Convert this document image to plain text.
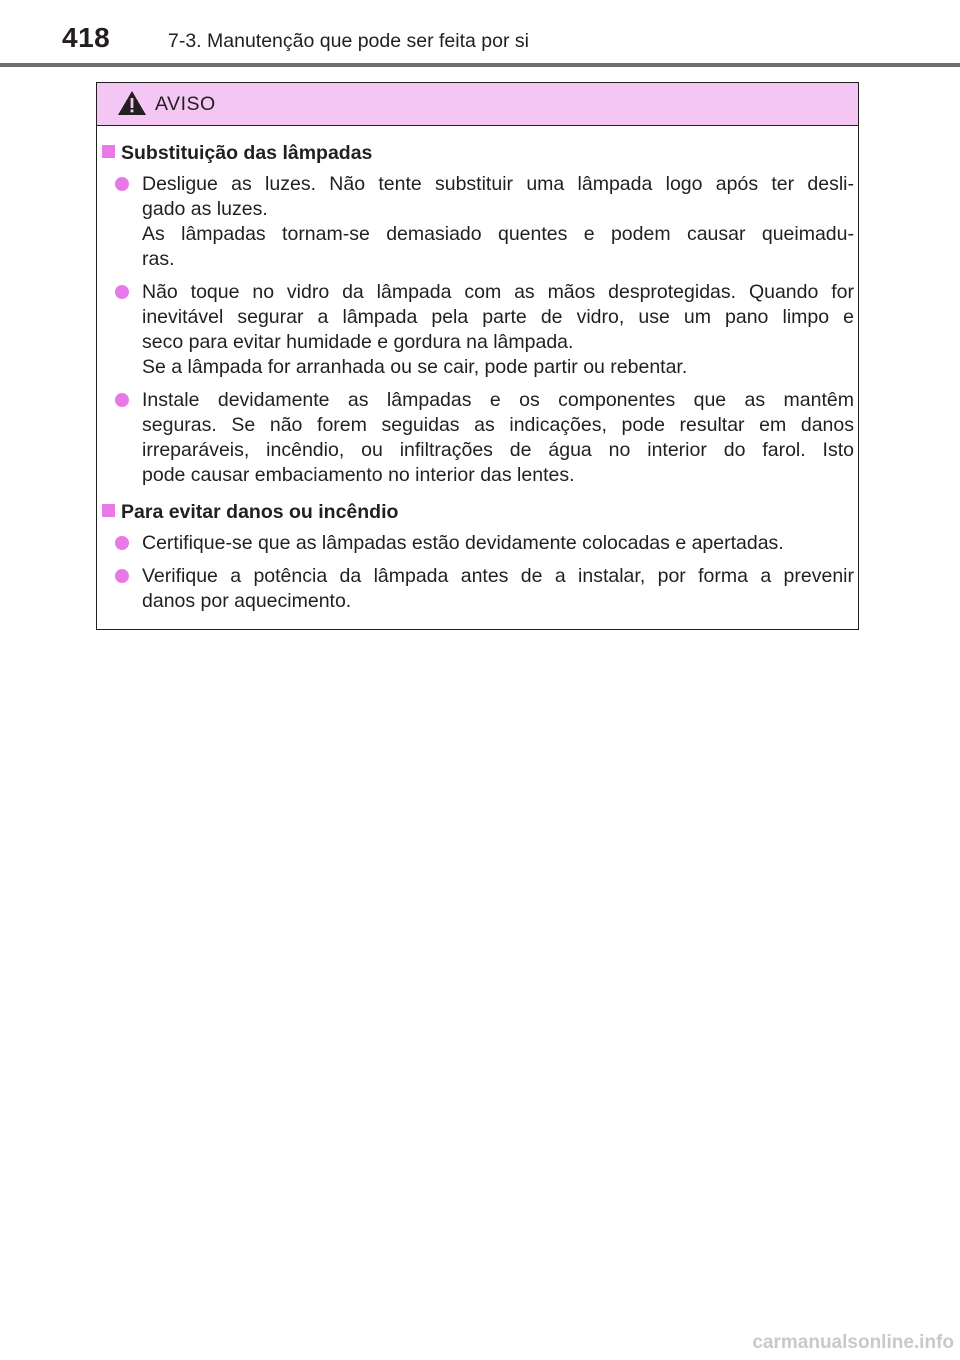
418	7-3. Manutenção que pode ser feita por si
AVISO
Substituição das lâmpadas
Desligue as luzes. Não tente substituir uma lâmpada logo após ter desli-
gado as luzes.
As lâmpadas tornam-se demasiado quentes e podem causar queimadu-
ras.
Não toque no vidro da lâmpada com as mãos desprotegidas. Quando for
inevitável segurar a lâmpada pela parte de vidro, use um pano limpo e
seco para evitar humidade e gordura na lâmpada.
Se a lâmpada for arranhada ou se cair, pode partir ou rebentar.
Instale devidamente as lâmpadas e os componentes que as mantêm
seguras. Se não forem seguidas as indicações, pode resultar em danos
irreparáveis, incêndio, ou infiltrações de água no interior do farol. Isto
pode causar embaciamento no interior das lentes.
Para evitar danos ou incêndio
Certifique-se que as lâmpadas estão devidamente colocadas e apertadas.
Verifique a potência da lâmpada antes de a instalar, por forma a prevenir
danos por aquecimento.
carmanualsonline.info
